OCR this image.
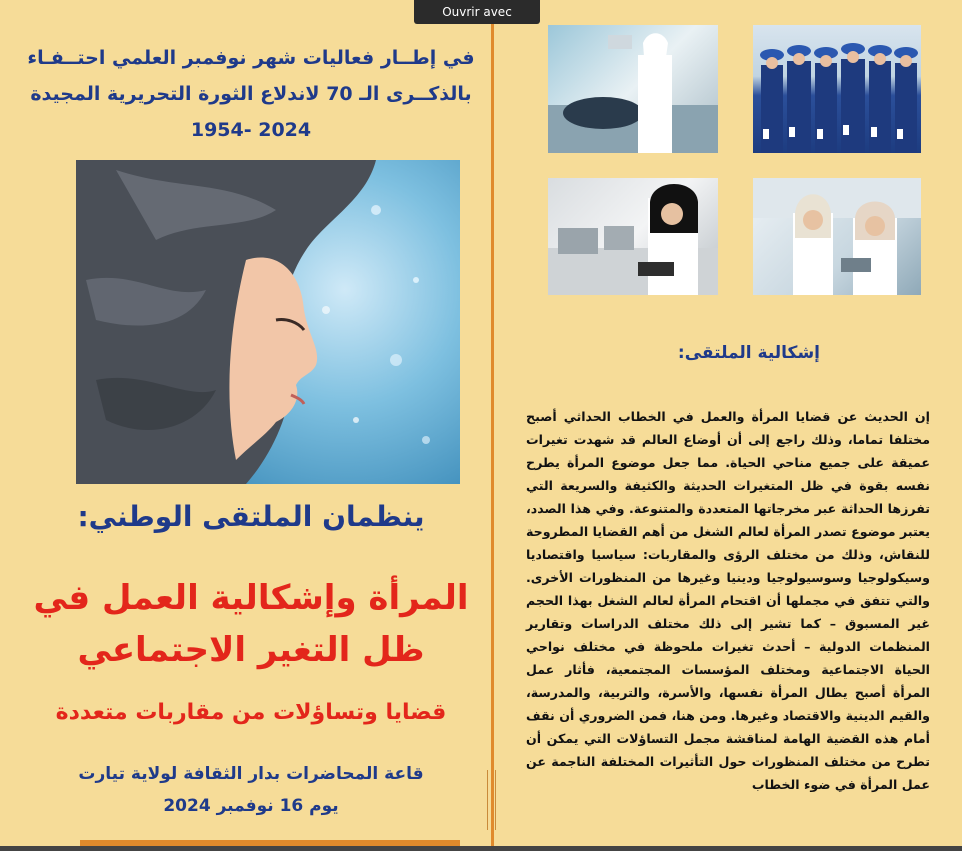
في إطــار فعاليات شهر نوفمبر العلمي احتــفـاء

بالذكــرى الـ 70 لاندلاع الثورة التحريرية المجيدة

1954- 2024

ينظمان الملتقى الوطني:

المرأة وإشكالية العمل في

ظل التغير الاجتماعي

قضايا وتساؤلات من مقاربات متعددة

قاعة المحاضرات بدار الثقافة لولاية تيارت

يوم 16 نوفمبر 2024

إشكالية الملتقى:
إن الحديث عن قضايا المرأة والعمل في الخطاب الحداثي أصبح مختلفا تماما، وذلك راجع إلى أن أوضاع العالم قد شهدت تغيرات عميقة على جميع مناحي الحياة. مما جعل موضوع المرأة يطرح نفسه بقوة في ظل المتغيرات الحديثة والكثيفة والسريعة التي تفرزها الحداثة عبر مخرجاتها المتعددة والمتنوعة. وفي هذا الصدد، يعتبر موضوع تصدر المرأة لعالم الشغل من أهم القضايا المطروحة للنقاش، وذلك من مختلف الرؤى والمقاربات: سياسيا واقتصاديا وسيكولوجيا وسوسيولوجيا ودينيا وغيرها من المنظورات الأخرى. والتي تتفق في مجملها أن اقتحام المرأة لعالم الشغل بهذا الحجم غير المسبوق – كما تشير إلى ذلك مختلف الدراسات وتقارير المنظمات الدولية – أحدث تغيرات ملحوظة في مختلف نواحي الحياة الاجتماعية ومختلف المؤسسات المجتمعية، فأثار عمل المرأة أصبح يطال المرأة نفسها، والأسرة، والتربية، والمدرسة، والقيم الدينية والاقتصاد وغيرها. ومن هنا، فمن الضروري أن نقف أمام هذه القضية الهامة لمناقشة مجمل التساؤلات التي يمكن أن تطرح من مختلف المنظورات حول التأثيرات المختلفة الناجمة عن عمل المرأة في ضوء الخطاب
Ouvrir avec
